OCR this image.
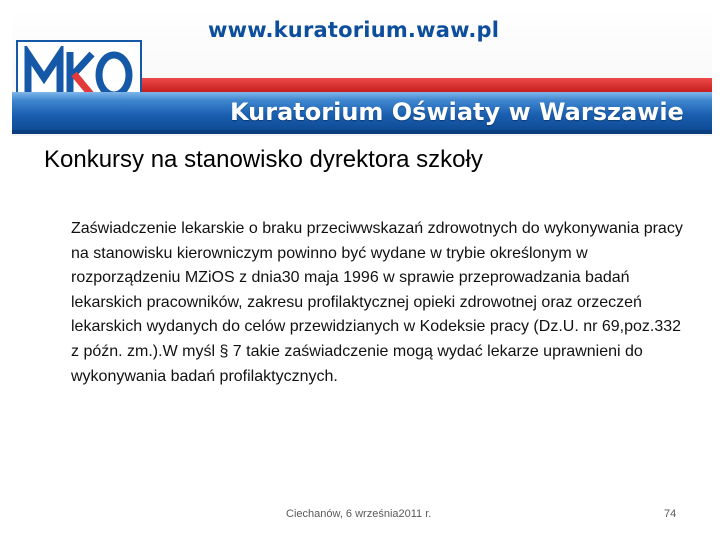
www.kuratorium.waw.pl
Kuratorium Oświaty w Warszawie
Konkursy na stanowisko dyrektora szkoły

Zaświadczenie lekarskie o braku przeciwwskazań zdrowotnych do wykonywania pracy na stanowisku kierowniczym powinno być wydane w trybie określonym w rozporządzeniu MZiOS z dnia30 maja 1996 w sprawie przeprowadzania badań lekarskich pracowników, zakresu profilaktycznej opieki zdrowotnej oraz orzeczeń lekarskich wydanych do celów przewidzianych w Kodeksie pracy (Dz.U. nr 69,poz.332 z późn. zm.).W myśl § 7 takie zaświadczenie mogą wydać lekarze uprawnieni do wykonywania badań profilaktycznych.

Ciechanów, 6 września2011 r.	74
